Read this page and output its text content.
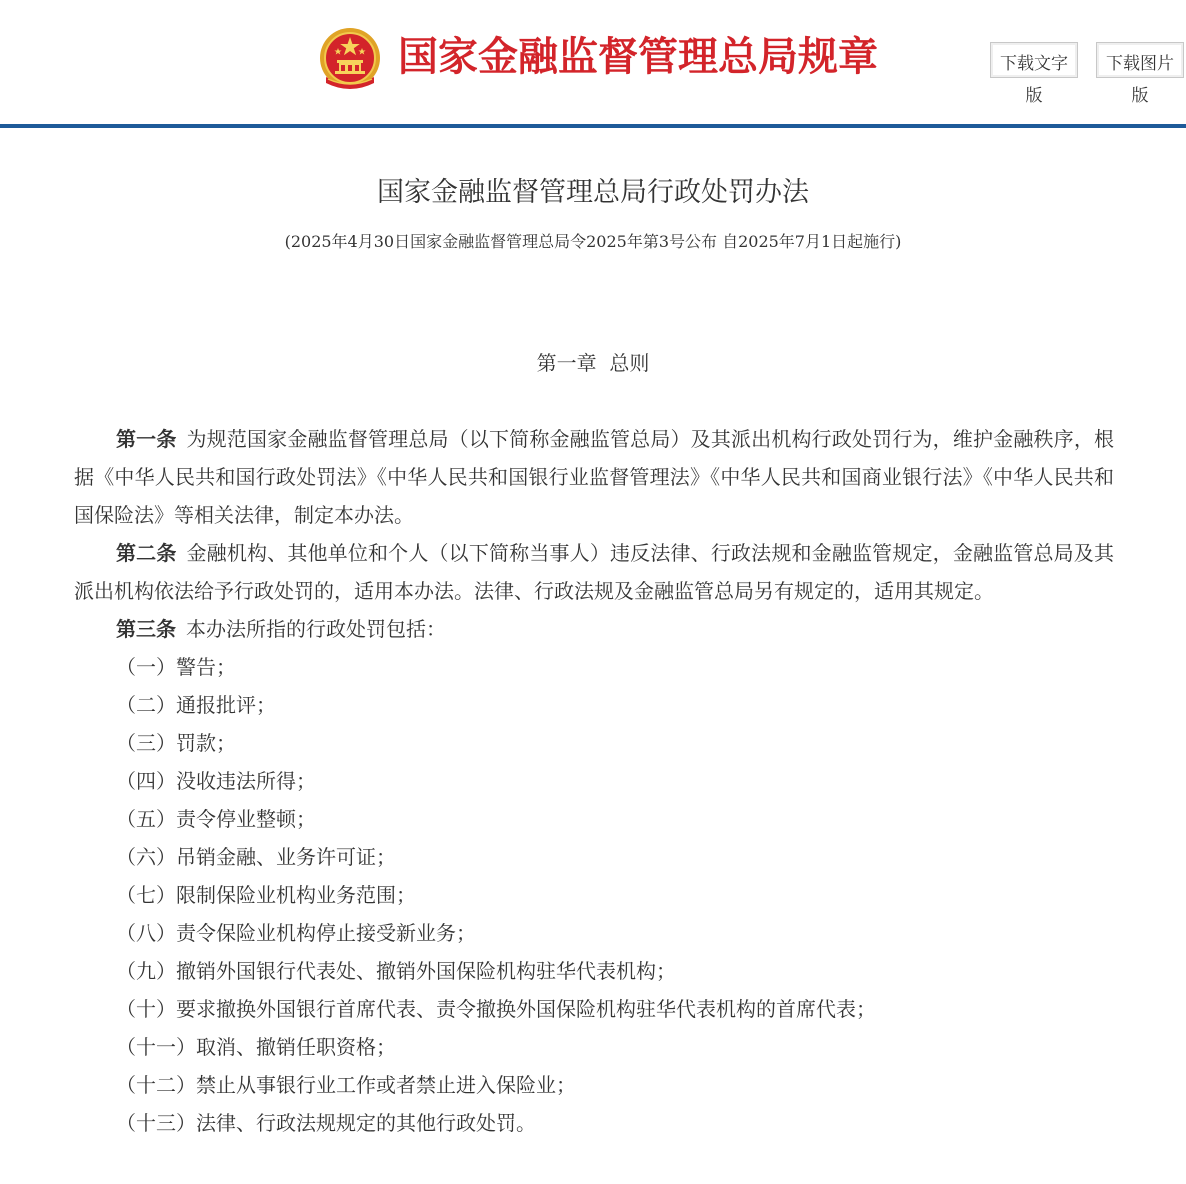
国家金融监督管理总局规章	下载文字
版
下载图片
版
国家金融监督管理总局行政处罚办法
(2025年4月30日国家金融监督管理总局令2025年第3号公布 自2025年7月1日起施行)
第一章  总则

第一条 为规范国家金融监督管理总局（以下简称金融监管总局）及其派出机构行政处罚行为，维护金融秩序，根据《中华人民共和国行政处罚法》《中华人民共和国银行业监督管理法》《中华人民共和国商业银行法》《中华人民共和国保险法》等相关法律，制定本办法。

第二条 金融机构、其他单位和个人（以下简称当事人）违反法律、行政法规和金融监管规定，金融监管总局及其派出机构依法给予行政处罚的，适用本办法。法律、行政法规及金融监管总局另有规定的，适用其规定。

第三条 本办法所指的行政处罚包括：

（一）警告；

（二）通报批评；

（三）罚款；

（四）没收违法所得；

（五）责令停业整顿；

（六）吊销金融、业务许可证；

（七）限制保险业机构业务范围；

（八）责令保险业机构停止接受新业务；

（九）撤销外国银行代表处、撤销外国保险机构驻华代表机构；

（十）要求撤换外国银行首席代表、责令撤换外国保险机构驻华代表机构的首席代表；

（十一）取消、撤销任职资格；

（十二）禁止从事银行业工作或者禁止进入保险业；

（十三）法律、行政法规规定的其他行政处罚。
